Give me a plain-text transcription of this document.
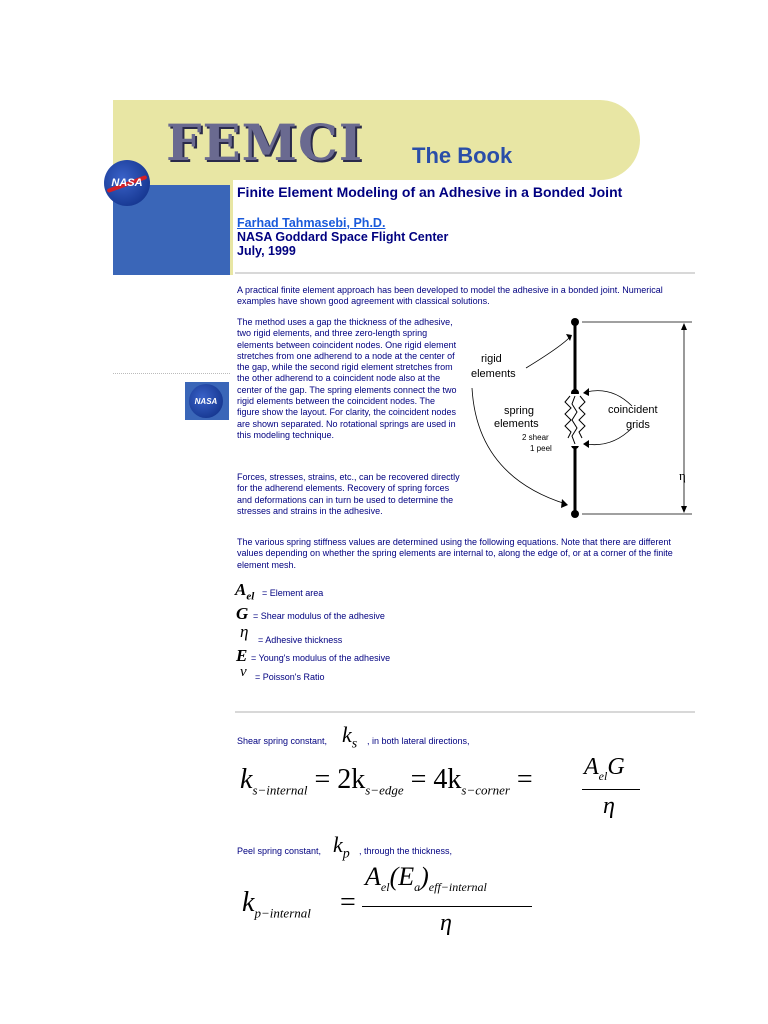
FEMCI The Book
NASA
NASA
Finite Element Modeling of an Adhesive in a Bonded Joint
Farhad Tahmasebi, Ph.D.
NASA Goddard Space Flight Center
July, 1999

A practical finite element approach has been developed to model the adhesive in a bonded joint. Numerical examples have shown good agreement with classical solutions.

The method uses a gap the thickness of the adhesive, two rigid elements, and three zero-length spring elements between coincident nodes. One rigid element stretches from one adherend to a node at the center of the gap, while the second rigid element stretches from the other adherend to a coincident node also at the center of the gap. The spring elements connect the two rigid elements between the coincident nodes. The figure show the layout. For clarity, the coincident nodes are shown separated. No rotational springs are used in this modeling technique.

Forces, stresses, strains, etc., can be recovered directly for the adherend elements. Recovery of spring forces and deformations can in turn be used to determine the stresses and strains in the adhesive.

η
rigid
elements
spring
elements
coincident
grids
2 shear
1 peel

The various spring stiffness values are determined using the following equations. Note that there are different values depending on whether the spring elements are internal to, along the edge of, or at a corner of the finite element mesh.

$A_{el}$ = Element area
G = Shear modulus of the adhesive
η = Adhesive thickness
E = Young's modulus of the adhesive
ν = Poisson's Ratio
Shear spring constant, $k_s$ , in both lateral directions,
$k_{s-internal} = 2k_{s-edge} = 4k_{s-corner} = A_{el}G$
η
Peel spring constant, $k_p$ , through the thickness,
$k_{p-internal}$ =
$A_{el}(E_a)_{eff-internal}$
η
